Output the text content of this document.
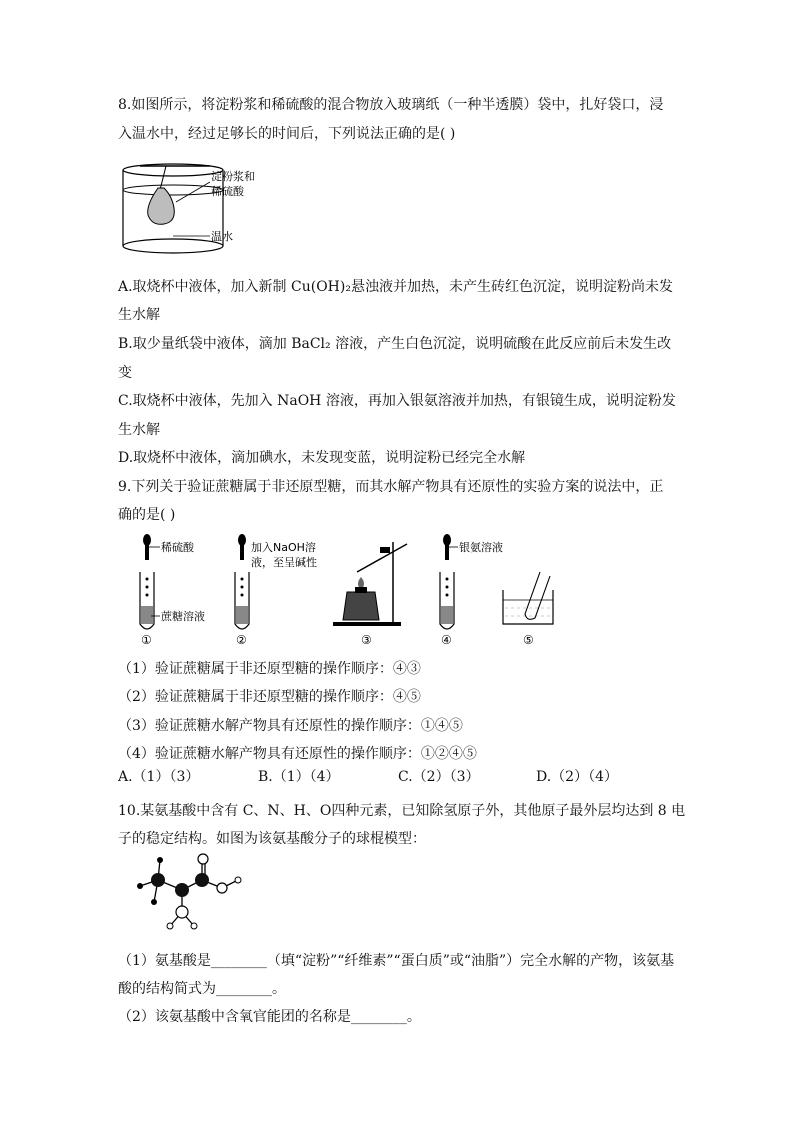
8.如图所示，将淀粉浆和稀硫酸的混合物放入玻璃纸（一种半透膜）袋中，扎好袋口，浸
入温水中，经过足够长的时间后，下列说法正确的是( )
淀粉浆和
稀硫酸
温水
A.取烧杯中液体，加入新制 Cu(OH)₂悬浊液并加热，未产生砖红色沉淀，说明淀粉尚未发
生水解
B.取少量纸袋中液体，滴加 BaCl₂ 溶液，产生白色沉淀，说明硫酸在此反应前后未发生改
变
C.取烧杯中液体，先加入 NaOH 溶液，再加入银氨溶液并加热，有银镜生成，说明淀粉发
生水解
D.取烧杯中液体，滴加碘水，未发现变蓝，说明淀粉已经完全水解
9.下列关于验证蔗糖属于非还原型糖，而其水解产物具有还原性的实验方案的说法中，正
确的是( )
稀硫酸
蔗糖溶液
①
加入NaOH溶
液，至呈碱性
②	③
银氨溶液
④	⑤
（1）验证蔗糖属于非还原型糖的操作顺序：④③
（2）验证蔗糖属于非还原型糖的操作顺序：④⑤
（3）验证蔗糖水解产物具有还原性的操作顺序：①④⑤
（4）验证蔗糖水解产物具有还原性的操作顺序：①②④⑤
A.（1）（3）	B.（1）（4）	C.（2）（3）	D.（2）（4）
10.某氨基酸中含有 C、N、H、O四种元素，已知除氢原子外，其他原子最外层均达到 8 电
子的稳定结构。如图为该氨基酸分子的球棍模型：
（1）氨基酸是________（填“淀粉”“纤维素”“蛋白质”或“油脂”）完全水解的产物，该氨基
酸的结构简式为________。
（2）该氨基酸中含氧官能团的名称是________。
